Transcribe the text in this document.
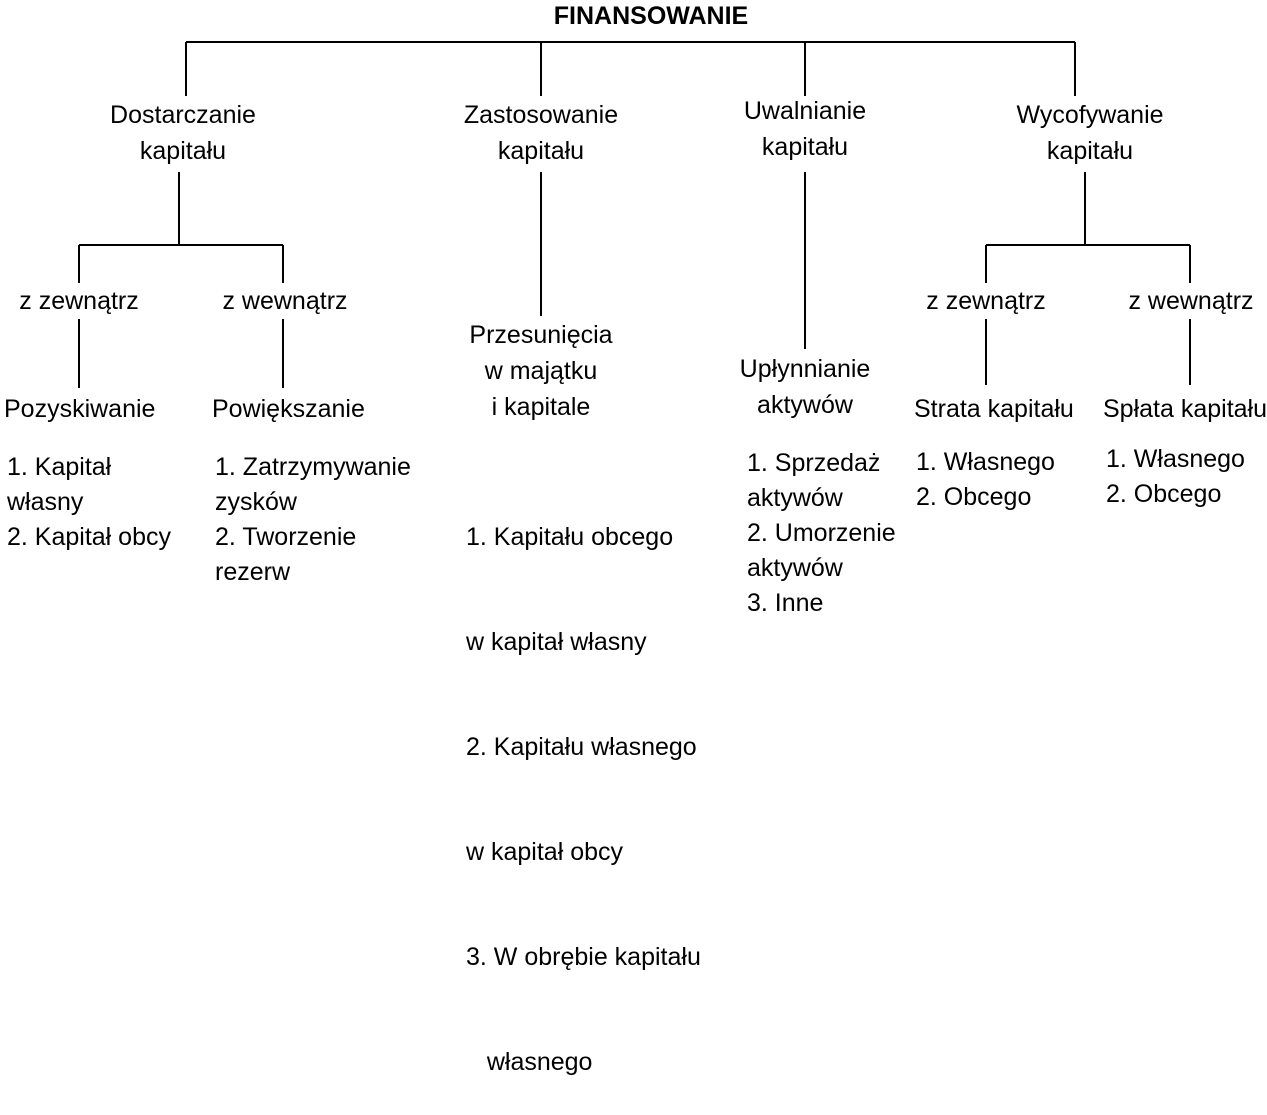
FINANSOWANIE
Dostarczanie
kapitału
z zewnątrz	z wewnątrz
Pozyskiwanie Powiększanie
1. Kapitał
własny
2. Kapitał obcy
1. Zatrzymywanie
zysków
2. Tworzenie
rezerw
Zastosowanie
kapitału
Przesunięcia
w majątku
i kapitale

1. Kapitału obcego

w kapitał własny

2. Kapitału własnego

w kapitał obcy

3. W obrębie kapitału

własnego

Uwalnianie
kapitału
Upłynnianie
aktywów
1. Sprzedaż
aktywów
2. Umorzenie
aktywów
3. Inne
Wycofywanie
kapitału
z zewnątrz	z wewnątrz
Strata kapitału Spłata kapitału
1. Własnego
2. Obcego
1. Własnego
2. Obcego
